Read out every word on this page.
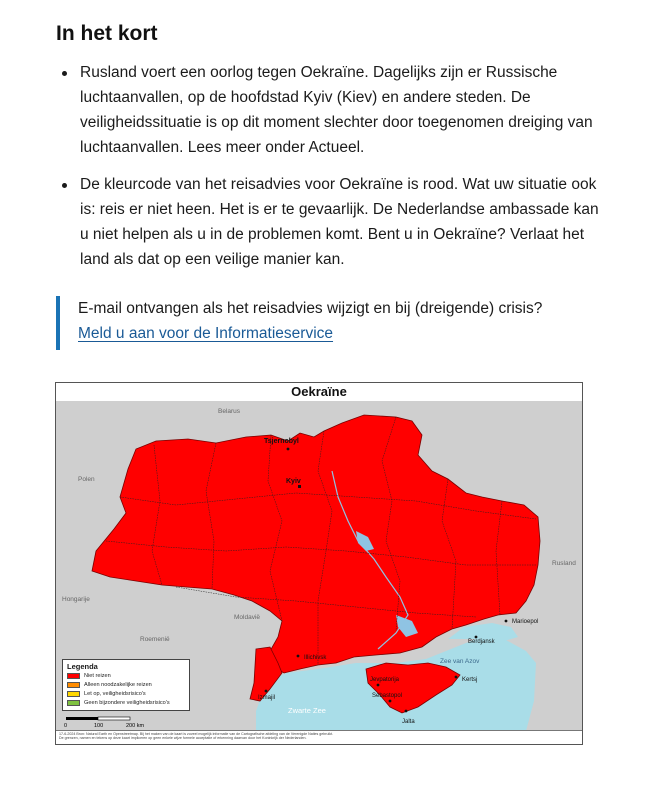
In het kort
Rusland voert een oorlog tegen Oekraïne. Dagelijks zijn er Russische luchtaanvallen, op de hoofdstad Kyiv (Kiev) en andere steden. De veiligheidssituatie is op dit moment slechter door toegenomen dreiging van luchtaanvallen. Lees meer onder Actueel.
De kleurcode van het reisadvies voor Oekraïne is rood. Wat uw situatie ook is: reis er niet heen. Het is er te gevaarlijk. De Nederlandse ambassade kan u niet helpen als u in de problemen komt. Bent u in Oekraïne? Verlaat het land als dat op een veilige manier kan.

E-mail ontvangen als het reisadvies wijzigt en bij (dreigende) crisis?

Meld u aan voor de Informatieservice
Oekraïne
Belarus
Polen
Roemenië
Moldavië
Hongarije
Rusland
Zwarte Zee
Zee van Azov
Tsjernobyl
Kyiv
Illichivsk
Izmajil
Marioepol
Berdjansk
Jevpatorija
Sebastopol
Jalta
Kertsj
Legenda
Niet reizen
Alleen noodzakelijke reizen
Let op, veiligheidsrisico's
Geen bijzondere veiligheidsrisico's
0	100	200 km
17-6-2024 Bron: Natural Earth en Openstreetmap. Bij het maken van de kaart is zoveel mogelijk informatie van de Cartografische afdeling van de Verenigde Naties gebruikt.
De grenzen, namen en tekens op deze kaart impliceren op geen enkele wijze formele acceptatie of erkenning daarvan door het Koninkrijk der Nederlanden.
